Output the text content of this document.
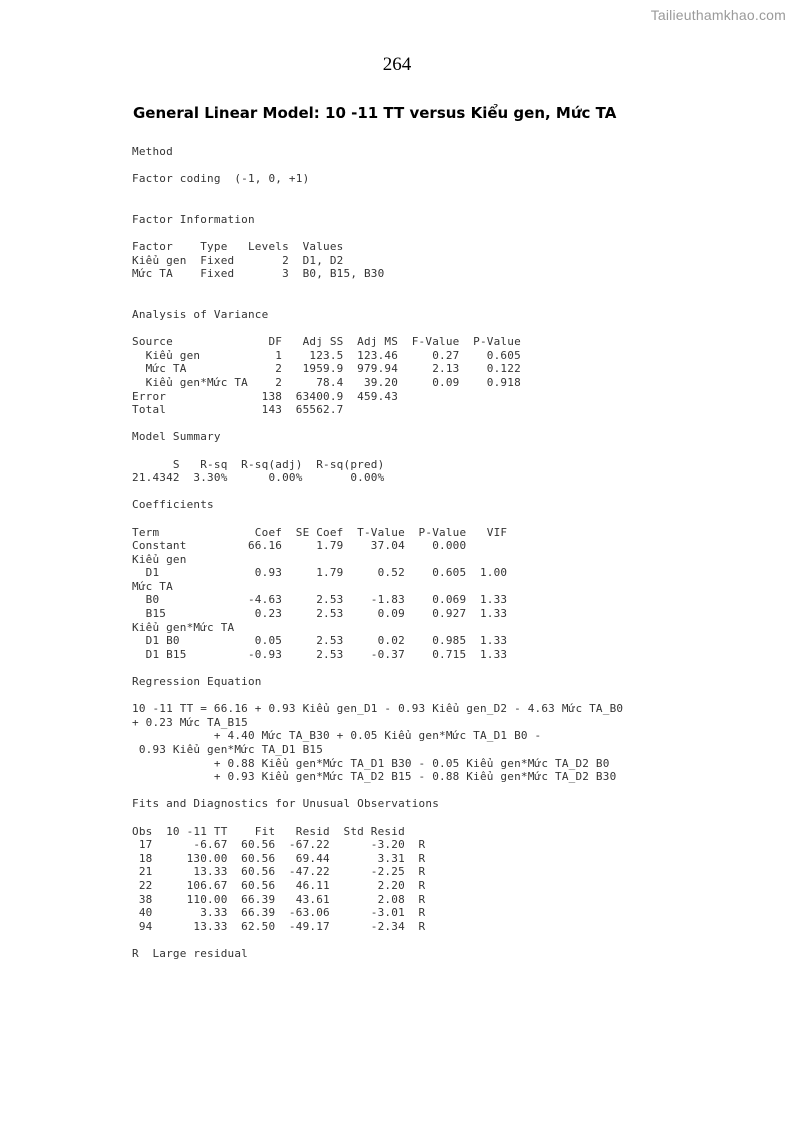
Tailieuthamkhao.com
264
General Linear Model: 10 -11 TT versus Kiểu gen, Mức TA
Method

Factor coding  (-1, 0, +1)
Factor Information

Factor    Type   Levels  Values
Kiểu gen  Fixed       2  D1, D2
Mức TA    Fixed       3  B0, B15, B30
Analysis of Variance

Source              DF   Adj SS  Adj MS  F-Value  P-Value
Kiểu gen           1    123.5  123.46     0.27    0.605
Mức TA             2   1959.9  979.94     2.13    0.122
Kiểu gen*Mức TA    2     78.4   39.20     0.09    0.918
Error              138  63400.9  459.43
Total              143  65562.7

Model Summary

S   R-sq  R-sq(adj)  R-sq(pred)
21.4342  3.30%      0.00%       0.00%

Coefficients

Term              Coef  SE Coef  T-Value  P-Value   VIF
Constant         66.16     1.79    37.04    0.000
Kiểu gen
D1              0.93     1.79     0.52    0.605  1.00
Mức TA
B0             -4.63     2.53    -1.83    0.069  1.33
B15             0.23     2.53     0.09    0.927  1.33
Kiểu gen*Mức TA
D1 B0           0.05     2.53     0.02    0.985  1.33
D1 B15         -0.93     2.53    -0.37    0.715  1.33

Regression Equation

10 -11 TT = 66.16 + 0.93 Kiểu gen_D1 - 0.93 Kiểu gen_D2 - 4.63 Mức TA_B0
+ 0.23 Mức TA_B15
+ 4.40 Mức TA_B30 + 0.05 Kiểu gen*Mức TA_D1 B0 -
0.93 Kiểu gen*Mức TA_D1 B15
+ 0.88 Kiểu gen*Mức TA_D1 B30 - 0.05 Kiểu gen*Mức TA_D2 B0
+ 0.93 Kiểu gen*Mức TA_D2 B15 - 0.88 Kiểu gen*Mức TA_D2 B30

Fits and Diagnostics for Unusual Observations

Obs  10 -11 TT    Fit   Resid  Std Resid
17      -6.67  60.56  -67.22      -3.20  R
18     130.00  60.56   69.44       3.31  R
21      13.33  60.56  -47.22      -2.25  R
22     106.67  60.56   46.11       2.20  R
38     110.00  66.39   43.61       2.08  R
40       3.33  66.39  -63.06      -3.01  R
94      13.33  62.50  -49.17      -2.34  R

R  Large residual
